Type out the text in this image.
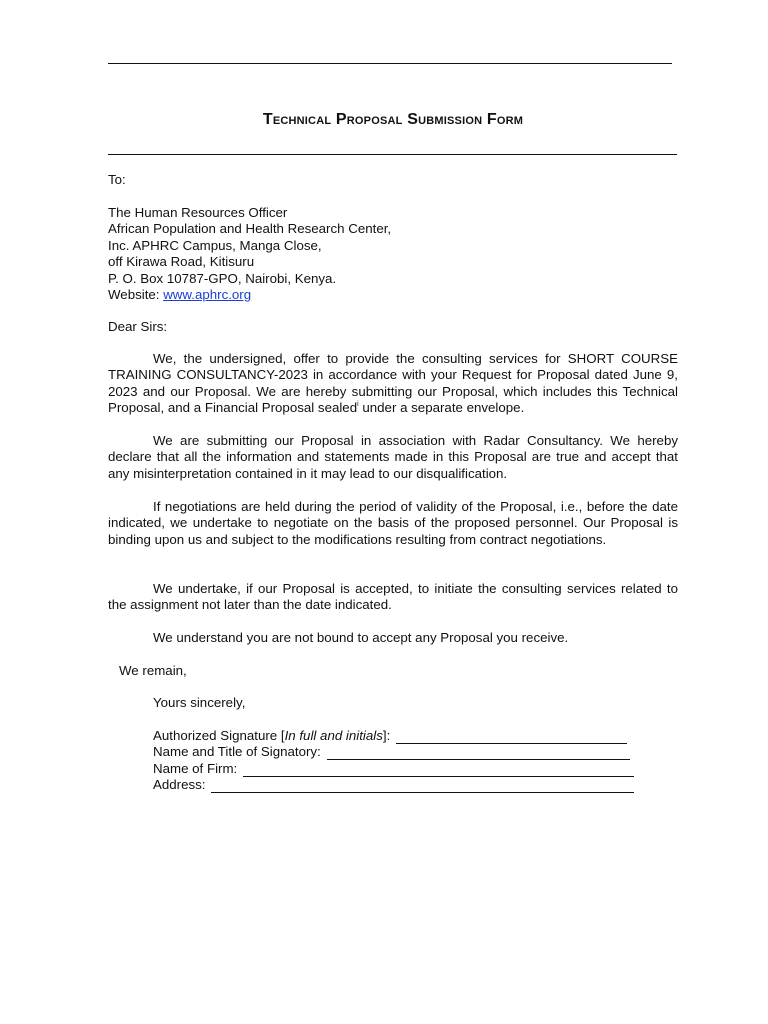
Technical Proposal Submission Form
To:
The Human Resources Officer
African Population and Health Research Center,
Inc. APHRC Campus, Manga Close,
off Kirawa Road, Kitisuru
P. O. Box 10787-GPO, Nairobi, Kenya.
Website: www.aphrc.org
Dear Sirs:
We, the undersigned, offer to provide the consulting services for SHORT COURSE TRAINING CONSULTANCY-2023 in accordance with your Request for Proposal dated June 9, 2023 and our Proposal. We are hereby submitting our Proposal, which includes this Technical Proposal, and a Financial Proposal sealed$^i$ under a separate envelope.
We are submitting our Proposal in association with Radar Consultancy. We hereby declare that all the information and statements made in this Proposal are true and accept that any misinterpretation contained in it may lead to our disqualification.
If negotiations are held during the period of validity of the Proposal, i.e., before the date indicated, we undertake to negotiate on the basis of the proposed personnel. Our Proposal is binding upon us and subject to the modifications resulting from contract negotiations.
We undertake, if our Proposal is accepted, to initiate the consulting services related to the assignment not later than the date indicated.
We understand you are not bound to accept any Proposal you receive.
We remain,
Yours sincerely,
Authorized Signature [In full and initials]:
Name and Title of Signatory:
Name of Firm:
Address:
